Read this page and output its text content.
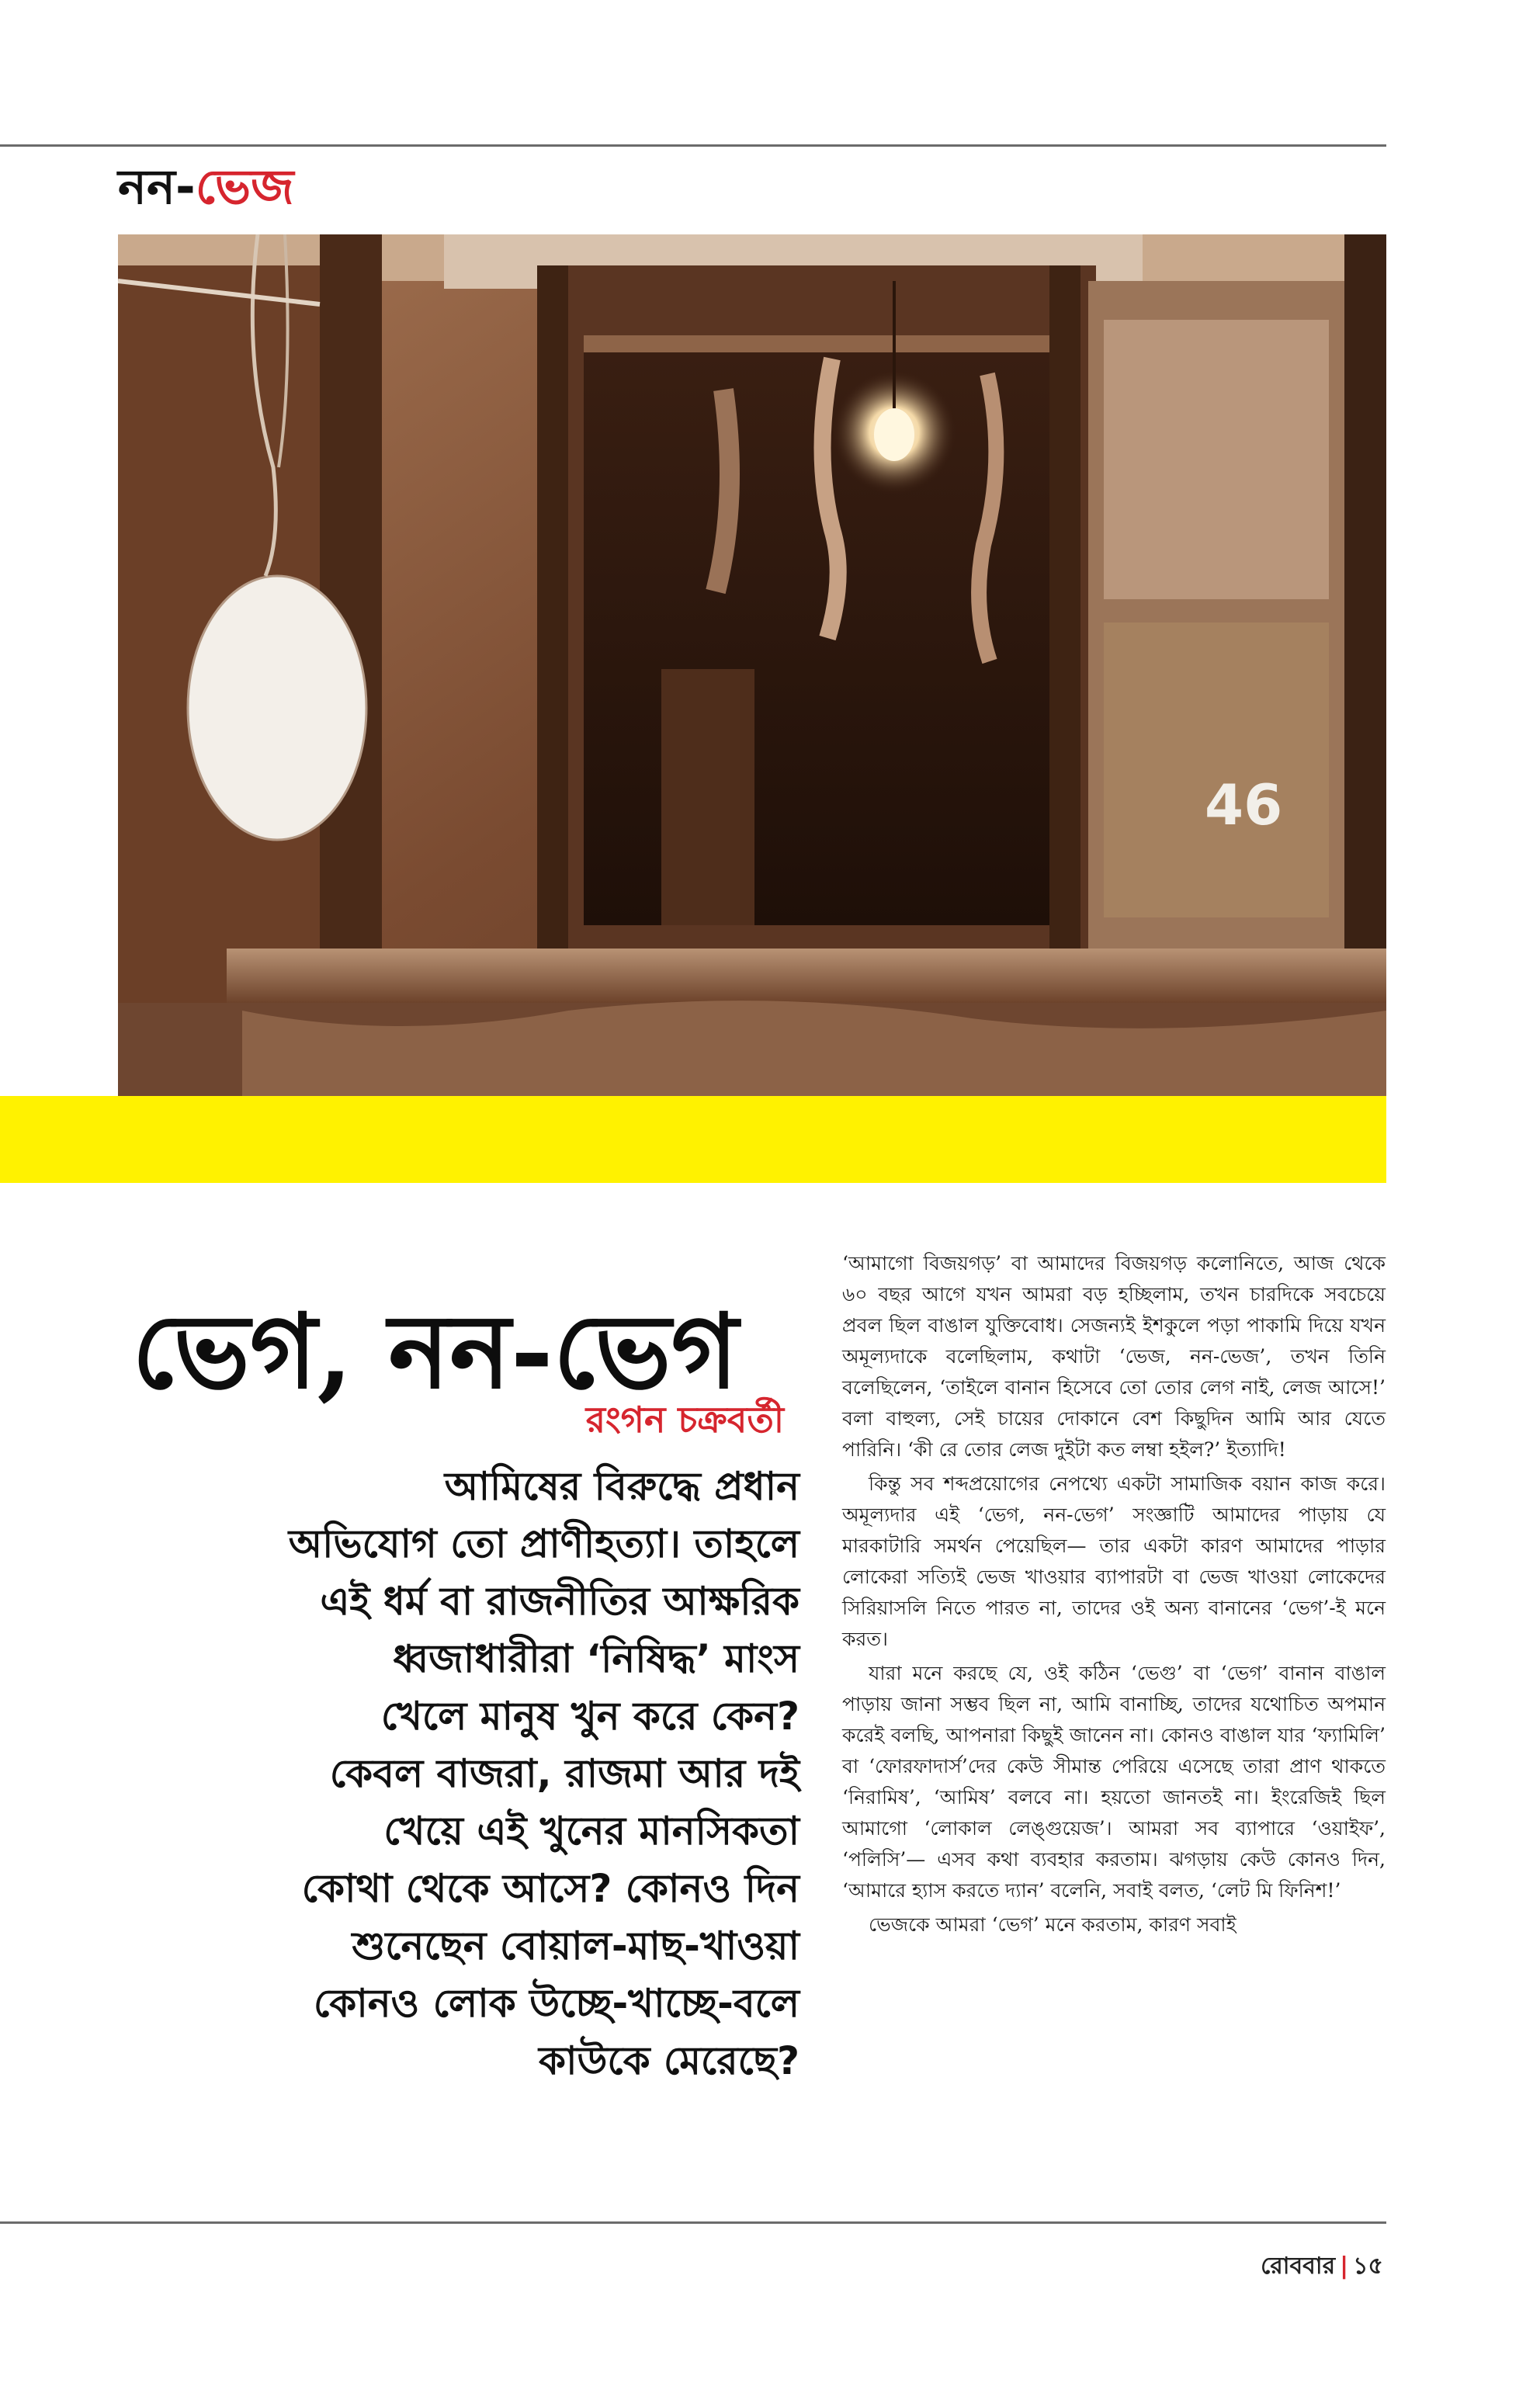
নন-ভেজ
46
ভেগ, নন-ভেগ
রংগন চক্রবর্তী
আমিষের বিরুদ্ধে প্রধান
অভিযোগ তো প্রাণীহত্যা। তাহলে
এই ধর্ম বা রাজনীতির আক্ষরিক
ধ্বজাধারীরা ‘নিষিদ্ধ’ মাংস
খেলে মানুষ খুন করে কেন?
কেবল বাজরা, রাজমা আর দই
খেয়ে এই খুনের মানসিকতা
কোথা থেকে আসে? কোনও দিন
শুনেছেন বোয়াল-মাছ-খাওয়া
কোনও লোক উচ্ছে-খাচ্ছে-বলে
কাউকে মেরেছে?

‘আমাগো বিজয়গড়’ বা আমাদের বিজয়গড় কলোনিতে, আজ থেকে ৬০ বছর আগে যখন আমরা বড় হচ্ছিলাম, তখন চারদিকে সবচেয়ে প্রবল ছিল বাঙাল যুক্তিবোধ। সেজন্যই ইশকুলে পড়া পাকামি দিয়ে যখন অমূল্যদাকে বলেছিলাম, কথাটা ‘ভেজ, নন-ভেজ’, তখন তিনি বলেছিলেন, ‘তাইলে বানান হিসেবে তো তোর লেগ নাই, লেজ আসে!’ বলা বাহুল্য, সেই চায়ের দোকানে বেশ কিছুদিন আমি আর যেতে পারিনি। ‘কী রে তোর লেজ দুইটা কত লম্বা হইল?’ ইত্যাদি!

কিন্তু সব শব্দপ্রয়োগের নেপথ্যে একটা সামাজিক বয়ান কাজ করে। অমূল্যদার এই ‘ভেগ, নন-ভেগ’ সংজ্ঞাটি আমাদের পাড়ায় যে মারকাটারি সমর্থন পেয়েছিল— তার একটা কারণ আমাদের পাড়ার লোকেরা সত্যিই ভেজ খাওয়ার ব্যাপারটা বা ভেজ খাওয়া লোকেদের সিরিয়াসলি নিতে পারত না, তাদের ওই অন্য বানানের ‘ভেগ’-ই মনে করত।

যারা মনে করছে যে, ওই কঠিন ‘ভেগু’ বা ‘ভেগ’ বানান বাঙাল পাড়ায় জানা সম্ভব ছিল না, আমি বানাচ্ছি, তাদের যথোচিত অপমান করেই বলছি, আপনারা কিছুই জানেন না। কোনও বাঙাল যার ‘ফ্যামিলি’ বা ‘ফোরফাদার্স’দের কেউ সীমান্ত পেরিয়ে এসেছে তারা প্রাণ থাকতে ‘নিরামিষ’, ‘আমিষ’ বলবে না। হয়তো জানতই না। ইংরেজিই ছিল আমাগো ‘লোকাল লেঙ্গুয়েজ’। আমরা সব ব্যাপারে ‘ওয়াইফ’, ‘পলিসি’— এসব কথা ব্যবহার করতাম। ঝগড়ায় কেউ কোনও দিন, ‘আমারে হ্যাস করতে দ্যান’ বলেনি, সবাই বলত, ‘লেট মি ফিনিশ!’

ভেজকে আমরা ‘ভেগ’ মনে করতাম, কারণ সবাই

রোববার | ১৫
